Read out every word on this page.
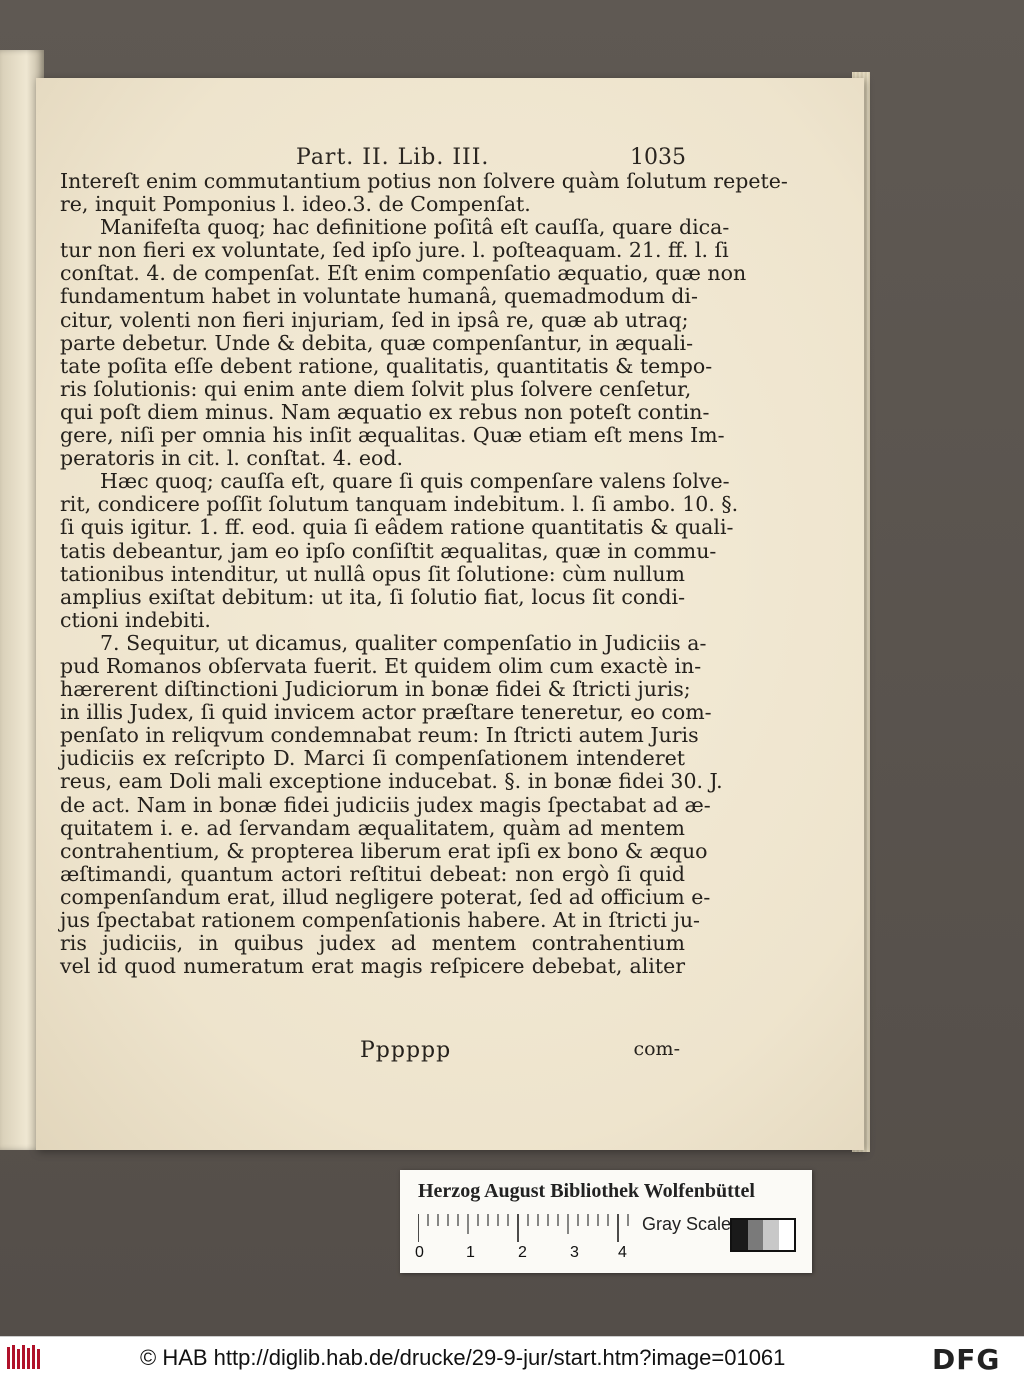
Part. II. Lib. III.	1035
Intereſt enim commutantium potius non ſolvere quàm ſolutum repete-
re, inquit Pomponius l. ideo.3. de Compenſat.
Manifeſta quoq; hac definitione poſitâ eſt cauſſa, quare dica-
tur non fieri ex voluntate, ſed ipſo jure. l. poſteaquam. 21. ff. l. ſi
conſtat. 4. de compenſat. Eſt enim compenſatio æquatio, quæ non
fundamentum habet in voluntate humanâ, quemadmodum di-
citur, volenti non fieri injuriam, ſed in ipsâ re, quæ ab utraq;
parte debetur. Unde & debita, quæ compenſantur, in æquali-
tate poſita eſſe debent ratione, qualitatis, quantitatis & tempo-
ris ſolutionis: qui enim ante diem ſolvit plus ſolvere cenſetur,
qui poſt diem minus. Nam æquatio ex rebus non poteſt contin-
gere, niſi per omnia his inſit æqualitas. Quæ etiam eſt mens Im-
peratoris in cit. l. conſtat. 4. eod.
Hæc quoq; cauſſa eſt, quare ſi quis compenſare valens ſolve-
rit, condicere poſſit ſolutum tanquam indebitum. l. ſi ambo. 10. §.
ſi quis igitur. 1. ff. eod. quia ſi eâdem ratione quantitatis & quali-
tatis debeantur, jam eo ipſo conſiſtit æqualitas, quæ in commu-
tationibus intenditur, ut nullâ opus ſit ſolutione: cùm nullum
amplius exiſtat debitum: ut ita, ſi ſolutio fiat, locus ſit condi-
ctioni indebiti.
7. Sequitur, ut dicamus, qualiter compenſatio in Judiciis a-
pud Romanos obſervata fuerit. Et quidem olim cum exactè in-
hærerent diſtinctioni Judiciorum in bonæ fidei & ſtricti juris;
in illis Judex, ſi quid invicem actor præſtare teneretur, eo com-
penſato in reliqvum condemnabat reum: In ſtricti autem Juris
judiciis ex reſcripto D. Marci ſi compenſationem intenderet
reus, eam Doli mali exceptione inducebat. §. in bonæ fidei 30. J.
de act. Nam in bonæ fidei judiciis judex magis ſpectabat ad æ-
quitatem i. e. ad ſervandam æqualitatem, quàm ad mentem
contrahentium, & propterea liberum erat ipſi ex bono & æquo
æſtimandi, quantum actori reſtitui debeat: non ergò ſi quid
compenſandum erat, illud negligere poterat, ſed ad officium e-
jus ſpectabat rationem compenſationis habere. At in ſtricti ju-
ris judiciis, in quibus judex ad mentem contrahentium
vel id quod numeratum erat magis reſpicere debebat, aliter
Pppppp	com-
Herzog August Bibliothek Wolfenbüttel
0	1	2	3 4
Gray Scale
© HAB http://diglib.hab.de/drucke/29-9-jur/start.htm?image=01061	DFG
